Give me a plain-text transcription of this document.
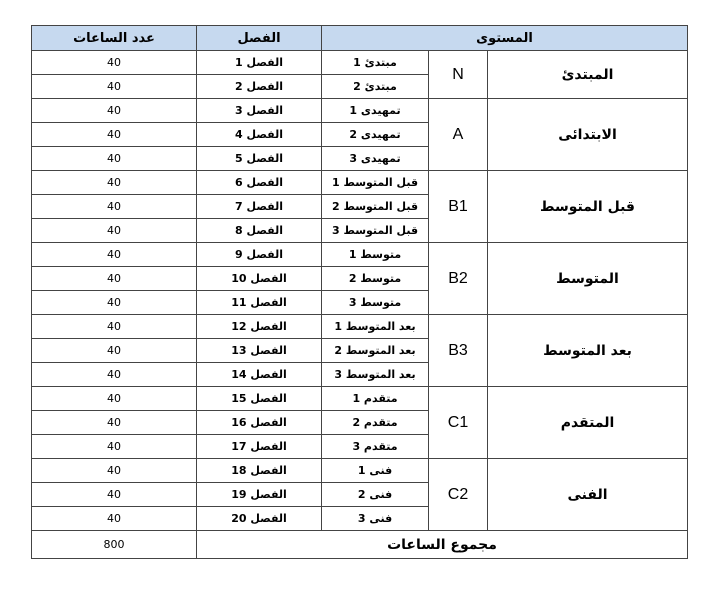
عدد الساعات	الفصل	المستوى		
40	الفصل 1	مبتدئ 1	N	المبتدئ
40	الفصل 2	مبتدئ 2		
40	الفصل 3	تمهيدى 1	A	الابتدائى
40	الفصل 4	تمهيدى 2		
40	الفصل 5	تمهيدى 3		
40	الفصل 6	قبل المتوسط 1	B1	قبل المتوسط
40	الفصل 7	قبل المتوسط 2		
40	الفصل 8	قبل المتوسط 3		
40	الفصل 9	متوسط 1	B2	المتوسط
40	الفصل 10	متوسط 2		
40	الفصل 11	متوسط 3		
40	الفصل 12	بعد المتوسط 1	B3	بعد المتوسط
40	الفصل 13	بعد المتوسط 2		
40	الفصل 14	بعد المتوسط 3		
40	الفصل 15	متقدم 1	C1	المتقدم
40	الفصل 16	متقدم 2		
40	الفصل 17	متقدم 3		
40	الفصل 18	فنى 1	C2	الفنى
40	الفصل 19	فنى 2		
40	الفصل 20	فنى 3		
800	مجموع الساعات			
